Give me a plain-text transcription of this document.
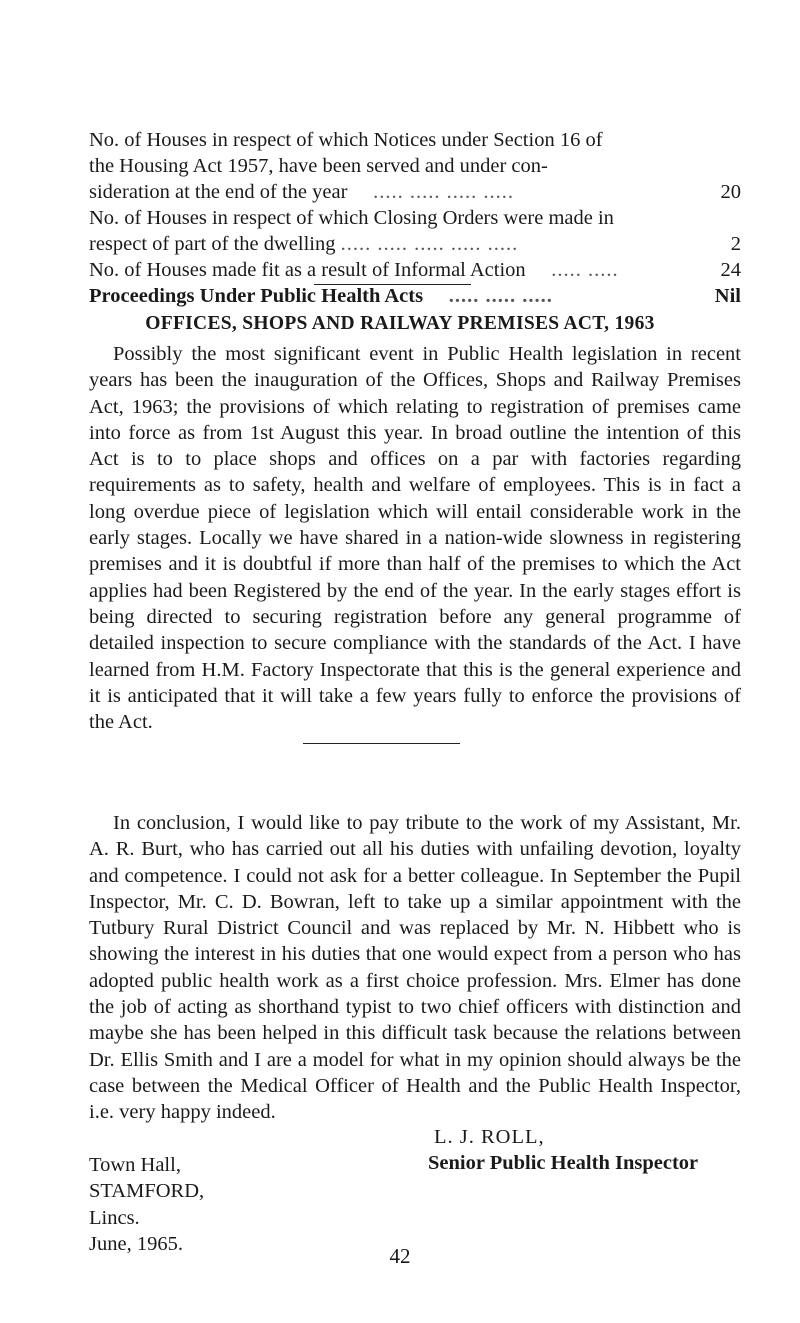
No. of Houses in respect of which Notices under Section 16 of
the Housing Act 1957, have been served and under con-
sideration at the end of the year ..... ..... ..... .....	20
No. of Houses in respect of which Closing Orders were made in
respect of part of the dwelling ..... ..... ..... ..... .....	2
No. of Houses made fit as a result of Informal Action ..... .....	24
Proceedings Under Public Health Acts ..... ..... .....	Nil
OFFICES, SHOPS AND RAILWAY PREMISES ACT, 1963

Possibly the most significant event in Public Health legislation in recent years has been the inauguration of the Offices, Shops and Railway Premises Act, 1963; the provisions of which relating to registration of premises came into force as from 1st August this year. In broad outline the intention of this Act is to to place shops and offices on a par with factories regarding requirements as to safety, health and welfare of employees. This is in fact a long overdue piece of legislation which will entail considerable work in the early stages. Locally we have shared in a nation-wide slowness in registering premises and it is doubtful if more than half of the premises to which the Act applies had been Registered by the end of the year. In the early stages effort is being directed to securing registration before any general programme of detailed inspection to secure compliance with the standards of the Act. I have learned from H.M. Factory Inspectorate that this is the general experience and it is anticipated that it will take a few years fully to enforce the provisions of the Act.

In conclusion, I would like to pay tribute to the work of my Assistant, Mr. A. R. Burt, who has carried out all his duties with unfailing devotion, loyalty and competence. I could not ask for a better colleague. In September the Pupil Inspector, Mr. C. D. Bowran, left to take up a similar appointment with the Tutbury Rural District Council and was replaced by Mr. N. Hibbett who is showing the interest in his duties that one would expect from a person who has adopted public health work as a first choice profession. Mrs. Elmer has done the job of acting as shorthand typist to two chief officers with distinction and maybe she has been helped in this difficult task because the relations between Dr. Ellis Smith and I are a model for what in my opinion should always be the case between the Medical Officer of Health and the Public Health Inspector, i.e. very happy indeed.

L. J. ROLL,
Senior Public Health Inspector
Town Hall,
STAMFORD,
Lincs.
June, 1965.
42
